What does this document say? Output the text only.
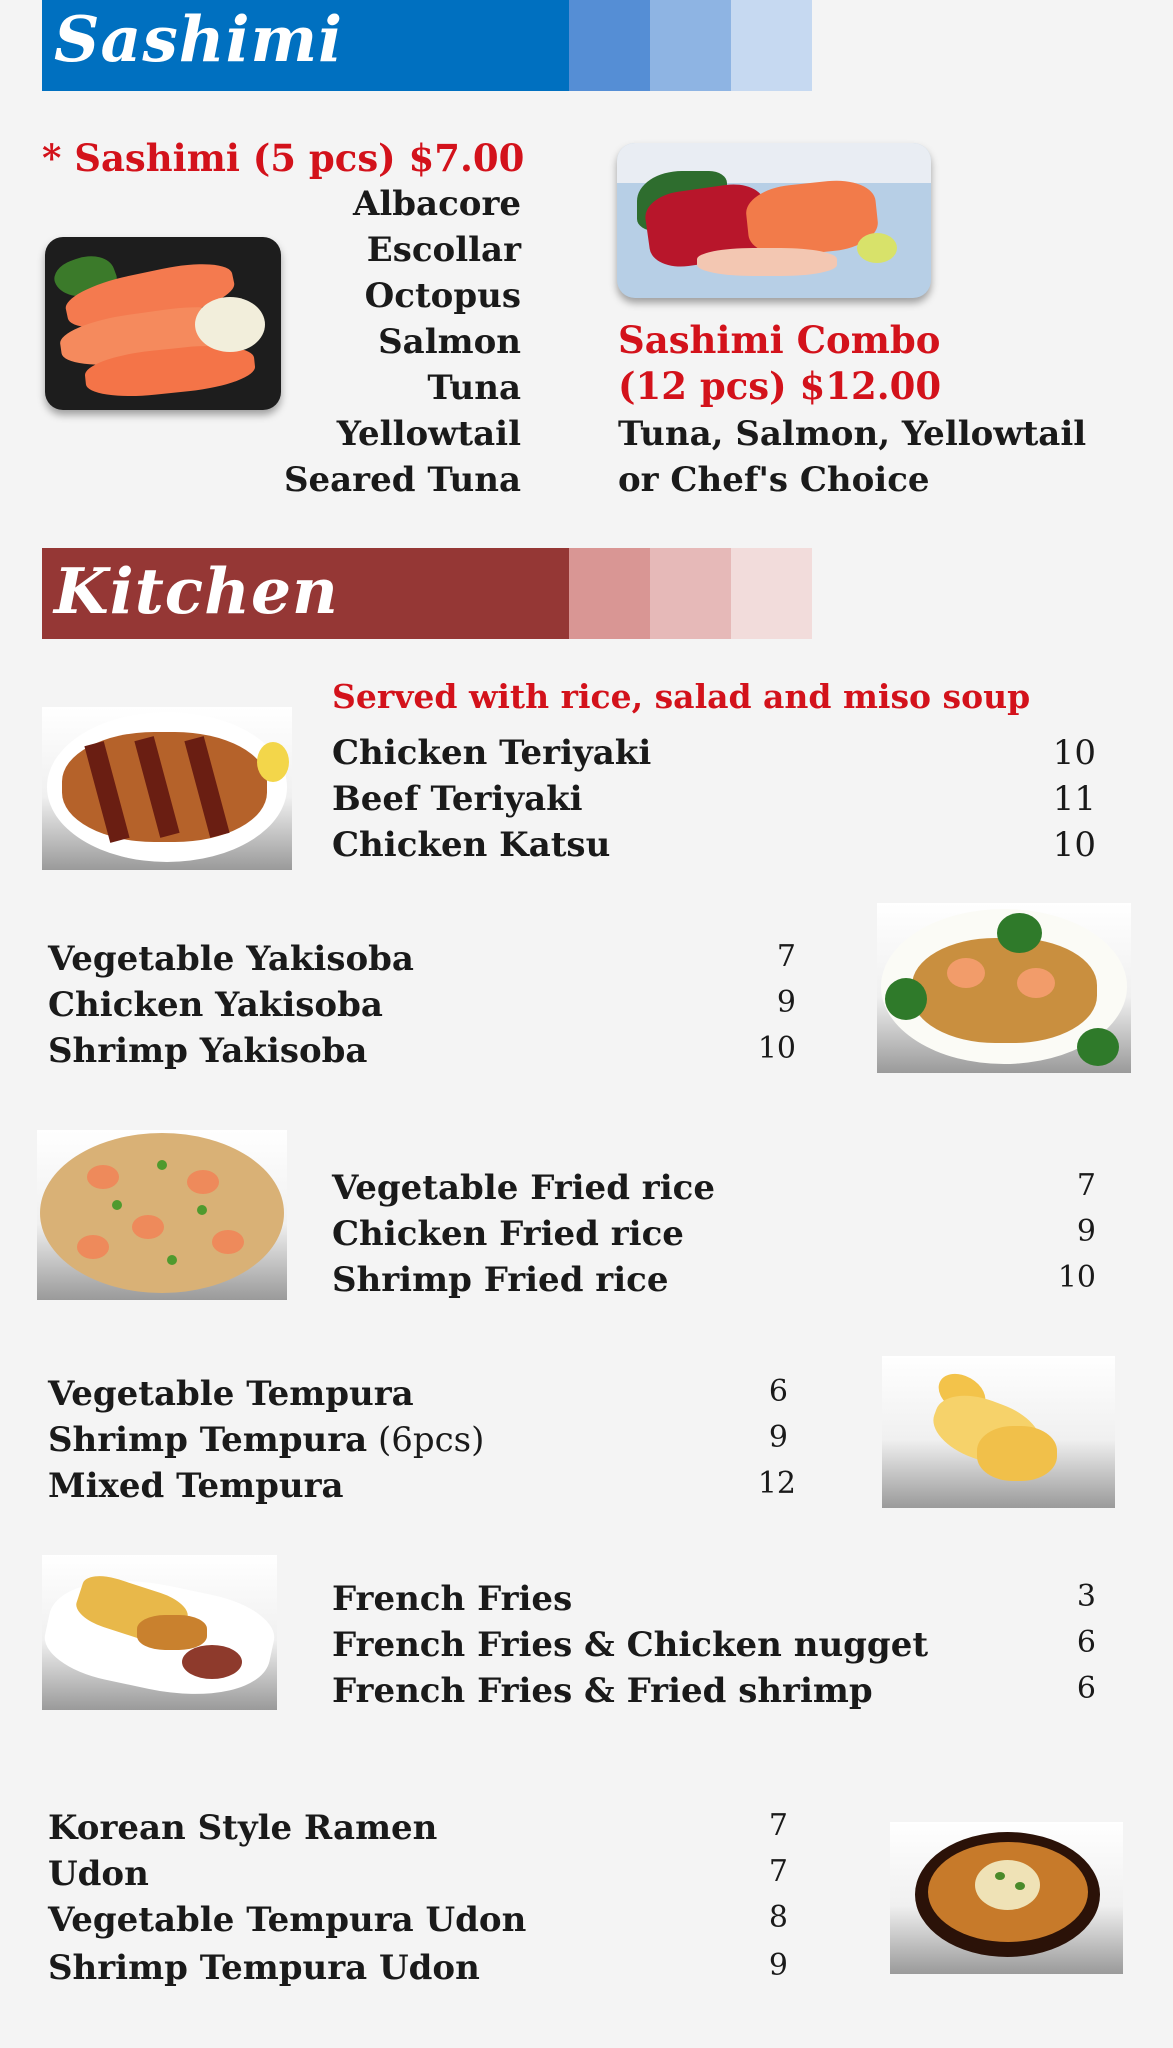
Sashimi
* Sashimi (5 pcs) $7.00
Albacore
Escollar
Octopus
Salmon
Tuna
Yellowtail
Seared Tuna
Sashimi Combo
(12 pcs) $12.00
Tuna, Salmon, Yellowtail
or Chef's Choice
Kitchen
Served with rice, salad and miso soup
Chicken Teriyaki	10
Beef Teriyaki	11
Chicken Katsu	10
Vegetable Yakisoba	7
Chicken Yakisoba	9
Shrimp Yakisoba	10
Vegetable Fried rice	7
Chicken Fried rice	9
Shrimp Fried rice	10
Vegetable Tempura	6
Shrimp Tempura (6pcs)	9
Mixed Tempura	12
French Fries	3
French Fries & Chicken nugget	6
French Fries & Fried shrimp	6
Korean Style Ramen	7
Udon	7
Vegetable Tempura Udon	8
Shrimp Tempura Udon	9
